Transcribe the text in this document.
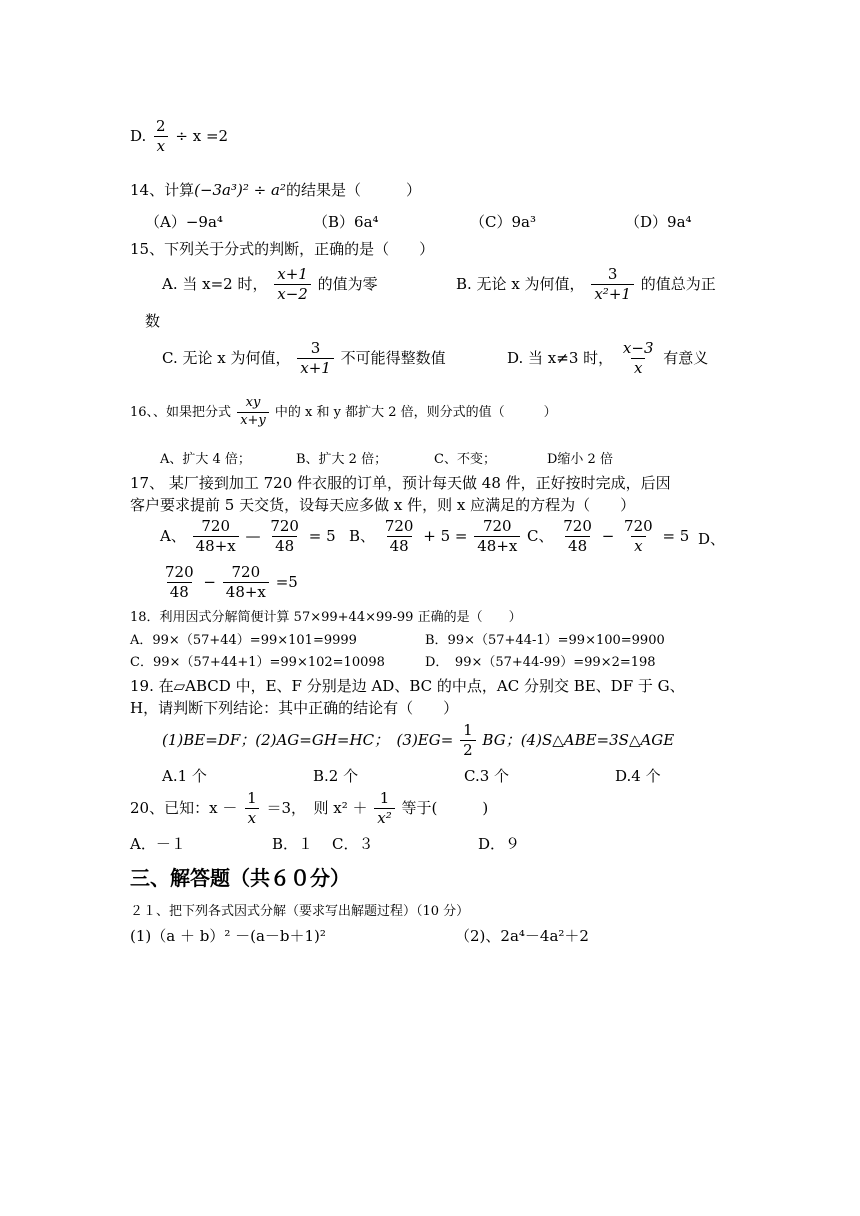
D. $\frac{2}{x} \div x =2$
14、计算(−3a³)² ÷ a²的结果是（　　　）
（A）−9a⁴	（B）6a⁴	（C）9a³	（D）9a⁴
15、下列关于分式的判断，正确的是（　　）
A. 当 x=2 时， $\frac{x+1}{x-2}$ 的值为零	B. 无论 x 为何值， $\frac{3}{\text{x²+1}}$ 的值总为正
数
C. 无论 x 为何值， $\frac{3}{x+1}$ 不可能得整数值	D. 当 x≠3 时， $\frac{x-3}{x}$ 有意义
16、、如果把分式 $\frac{xy}{x+y}$ 中的 x 和 y 都扩大 2 倍，则分式的值（　　　）
A、扩大 4 倍；	B、扩大 2 倍；	C、不变；	D缩小 2 倍
17、 某厂接到加工 720 件衣服的订单，预计每天做 48 件，正好按时完成，后因
客户要求提前 5 天交货，设每天应多做 x 件，则 x 应满足的方程为（　　）
A、 $\frac{720}{48+x}$ — $\frac{720}{48} = 5$ B、 $\frac{720}{48} + 5 = \frac{720}{48+x}$ C、 $\frac{720}{48} - \frac{720}{x} = 5$ D、
$\frac{720}{48} - \frac{720}{48+x} =5$
18．利用因式分解简便计算 57×99+44×99-99 正确的是（　　）
A．99×（57+44）=99×101=9999	B．99×（57+44-1）=99×100=9900
C．99×（57+44+1）=99×102=10098	D．　99×（57+44-99）=99×2=198
19. 在▱ABCD 中，E、F 分别是边 AD、BC 的中点，AC 分别交 BE、DF 于 G、
H，请判断下列结论：其中正确的结论有（　　）
(1)BE=DF；(2)AG=GH=HC；　$(3)EG= \frac{1}{2}$ BG；(4)S△ABE=3S△AGE
A.1 个	B.2 个	C.3 个	D.4 个
20、已知：$x - \frac{1}{x} =3$，　则 $x^2 + \frac{1}{\text{x²}}$ 等于(　　　)
A．－１	B．１ C．３	D．９
三、解答题（共６０分）
２１、把下列各式因式分解（要求写出解题过程）（10 分）
(1)（a ＋ b）² －(a－b＋1)²	（2)、2a⁴－4a²＋2
